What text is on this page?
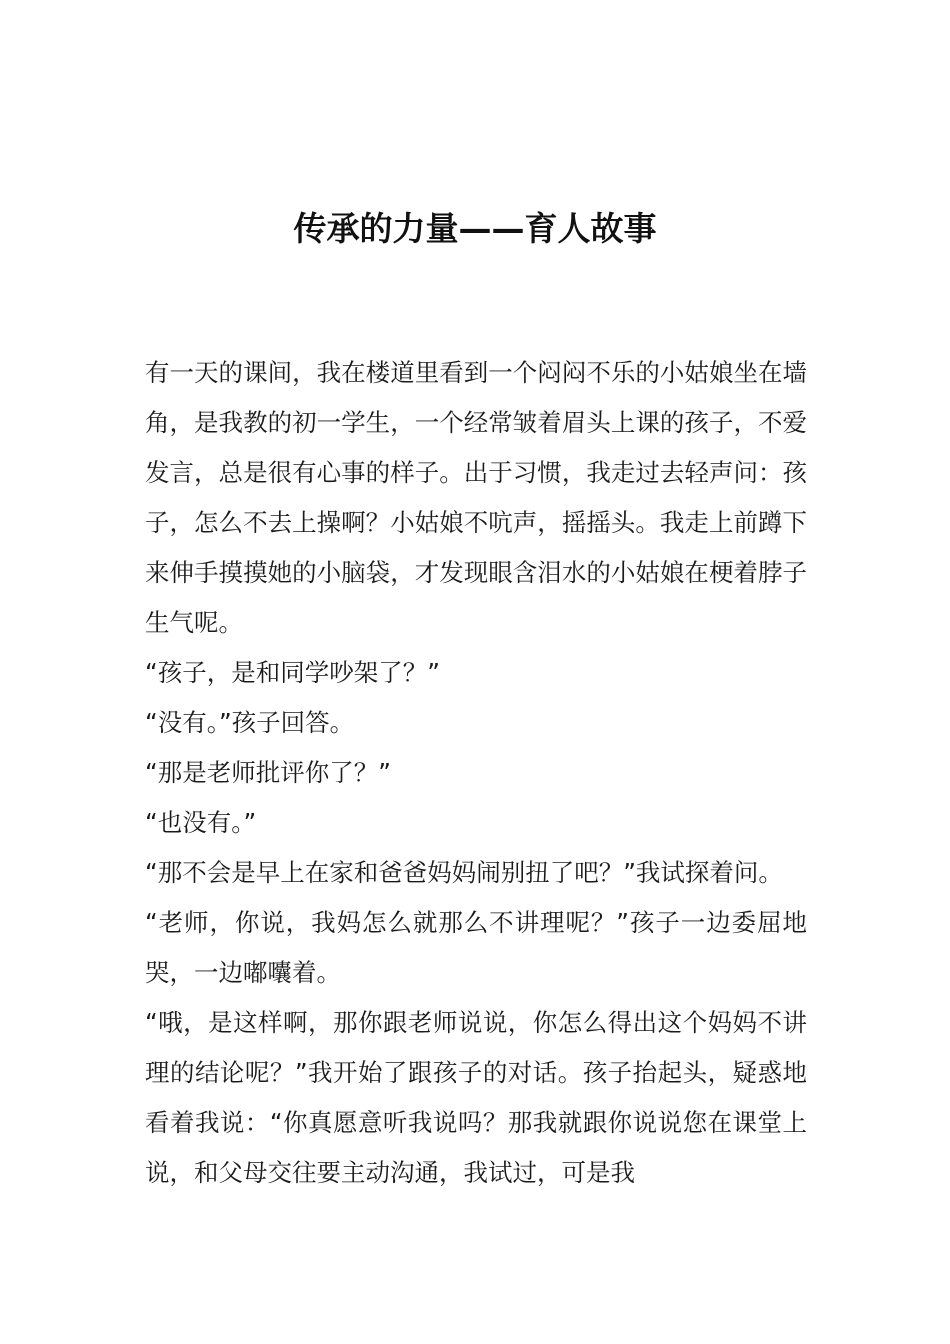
传承的力量——育人故事

有一天的课间，我在楼道里看到一个闷闷不乐的小姑娘坐在墙角，是我教的初一学生，一个经常皱着眉头上课的孩子，不爱发言，总是很有心事的样子。出于习惯，我走过去轻声问：孩子，怎么不去上操啊？小姑娘不吭声，摇摇头。我走上前蹲下来伸手摸摸她的小脑袋，才发现眼含泪水的小姑娘在梗着脖子生气呢。

“孩子，是和同学吵架了？”

“没有。”孩子回答。

“那是老师批评你了？”

“也没有。”

“那不会是早上在家和爸爸妈妈闹别扭了吧？”我试探着问。

“老师，你说，我妈怎么就那么不讲理呢？”孩子一边委屈地哭，一边嘟囔着。

“哦，是这样啊，那你跟老师说说，你怎么得出这个妈妈不讲理的结论呢？”我开始了跟孩子的对话。孩子抬起头，疑惑地看着我说：“你真愿意听我说吗？那我就跟你说说您在课堂上说，和父母交往要主动沟通，我试过，可是我
